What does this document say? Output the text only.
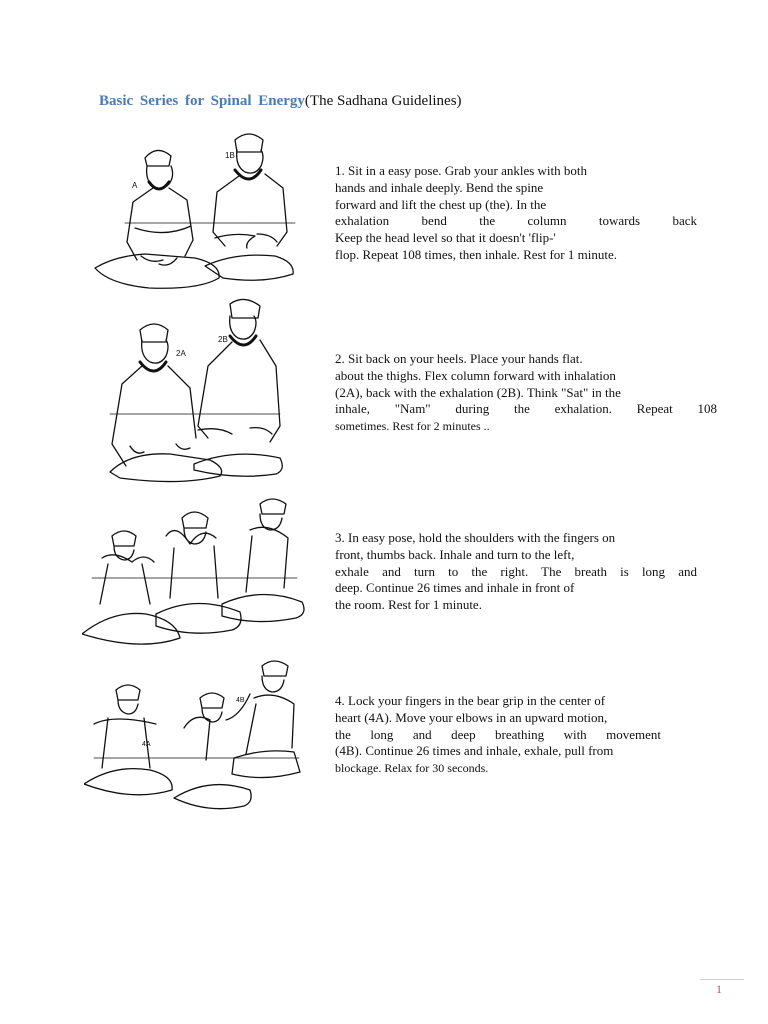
Basic Series for Spinal Energy(The Sadhana Guidelines)
A
1B
1. Sit in a easy pose. Grab your ankles with both
hands and inhale deeply. Bend the spine
forward and lift the chest up (the). In the
exhalation bend the column towards back
Keep the head level so that it doesn't 'flip-'
flop. Repeat 108 times, then inhale. Rest for 1 minute.
2A
2B
2. Sit back on your heels. Place your hands flat.
about the thighs. Flex column forward with inhalation
(2A), back with the exhalation (2B). Think "Sat" in the
inhale, "Nam" during the exhalation. Repeat 108
sometimes. Rest for 2 minutes ..
3. In easy pose, hold the shoulders with the fingers on
front, thumbs back. Inhale and turn to the left,
exhale and turn to the right. The breath is long and
deep. Continue 26 times and inhale in front of
the room. Rest for 1 minute.
4A
4B	4. Lock your fingers in the bear grip in the center of
heart (4A). Move your elbows in an upward motion,
the long and deep breathing with movement
(4B). Continue 26 times and inhale, exhale, pull from
blockage. Relax for 30 seconds.
1
